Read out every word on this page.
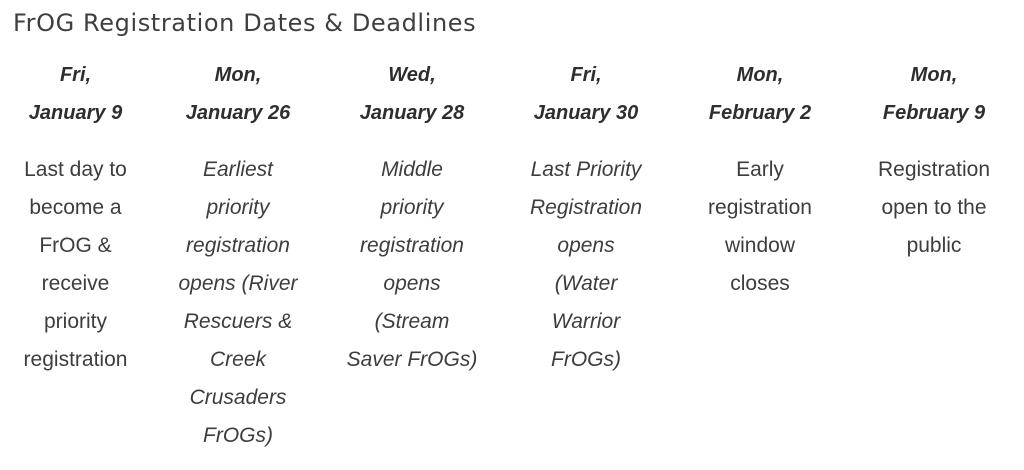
FrOG Registration Dates & Deadlines
Fri,
January 9
Last day to
become a
FrOG &
receive
priority
registration
Mon,
January 26
Earliest
priority
registration
opens (River
Rescuers &
Creek
Crusaders
FrOGs)
Wed,
January 28
Middle
priority
registration
opens
(Stream
Saver FrOGs)
Fri,
January 30
Last Priority
Registration
opens
(Water
Warrior
FrOGs)
Mon,
February 2
Early
registration
window
closes
Mon,
February 9
Registration
open to the
public
